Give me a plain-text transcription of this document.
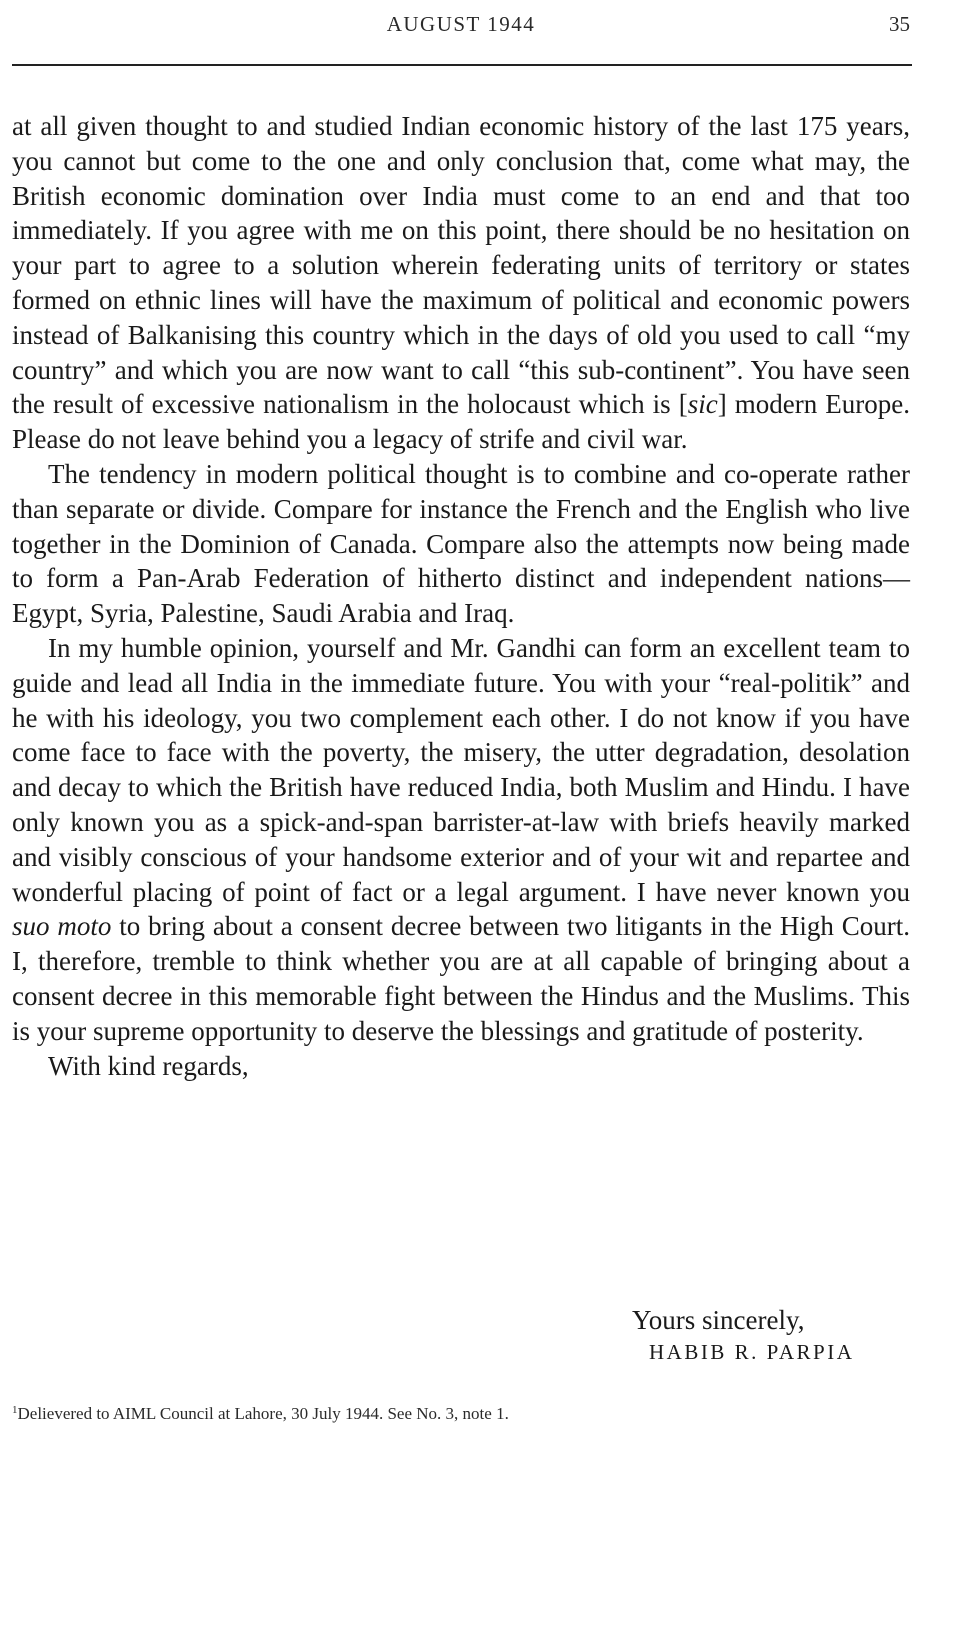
AUGUST 1944	35

at all given thought to and studied Indian economic history of the last 175 years, you cannot but come to the one and only conclusion that, come what may, the British economic domination over India must come to an end and that too immediately. If you agree with me on this point, there should be no hesitation on your part to agree to a solution wherein federating units of territory or states formed on ethnic lines will have the maximum of political and economic powers instead of Balkanising this country which in the days of old you used to call “my country” and which you are now want to call “this sub-continent”. You have seen the result of excessive nationalism in the holocaust which is [sic] modern Europe. Please do not leave behind you a legacy of strife and civil war.

The tendency in modern political thought is to combine and co-operate rather than separate or divide. Compare for instance the French and the English who live together in the Dominion of Canada. Compare also the attempts now being made to form a Pan-Arab Federation of hitherto distinct and independent nations—Egypt, Syria, Palestine, Saudi Arabia and Iraq.

In my humble opinion, yourself and Mr. Gandhi can form an excellent team to guide and lead all India in the immediate future. You with your “real-politik” and he with his ideology, you two complement each other. I do not know if you have come face to face with the poverty, the misery, the utter degradation, desolation and decay to which the British have reduced India, both Muslim and Hindu. I have only known you as a spick-and-span barrister-at-law with briefs heavily marked and visibly conscious of your handsome exterior and of your wit and repartee and wonderful placing of point of fact or a legal argument. I have never known you suo moto to bring about a consent decree between two litigants in the High Court. I, therefore, tremble to think whether you are at all capable of bringing about a consent decree in this memorable fight between the Hindus and the Muslims. This is your supreme opportunity to deserve the blessings and gratitude of posterity.

With kind regards,

Yours sincerely,
HABIB R. PARPIA
$^1$Delievered to AIML Council at Lahore, 30 July 1944. See No. 3, note 1.
